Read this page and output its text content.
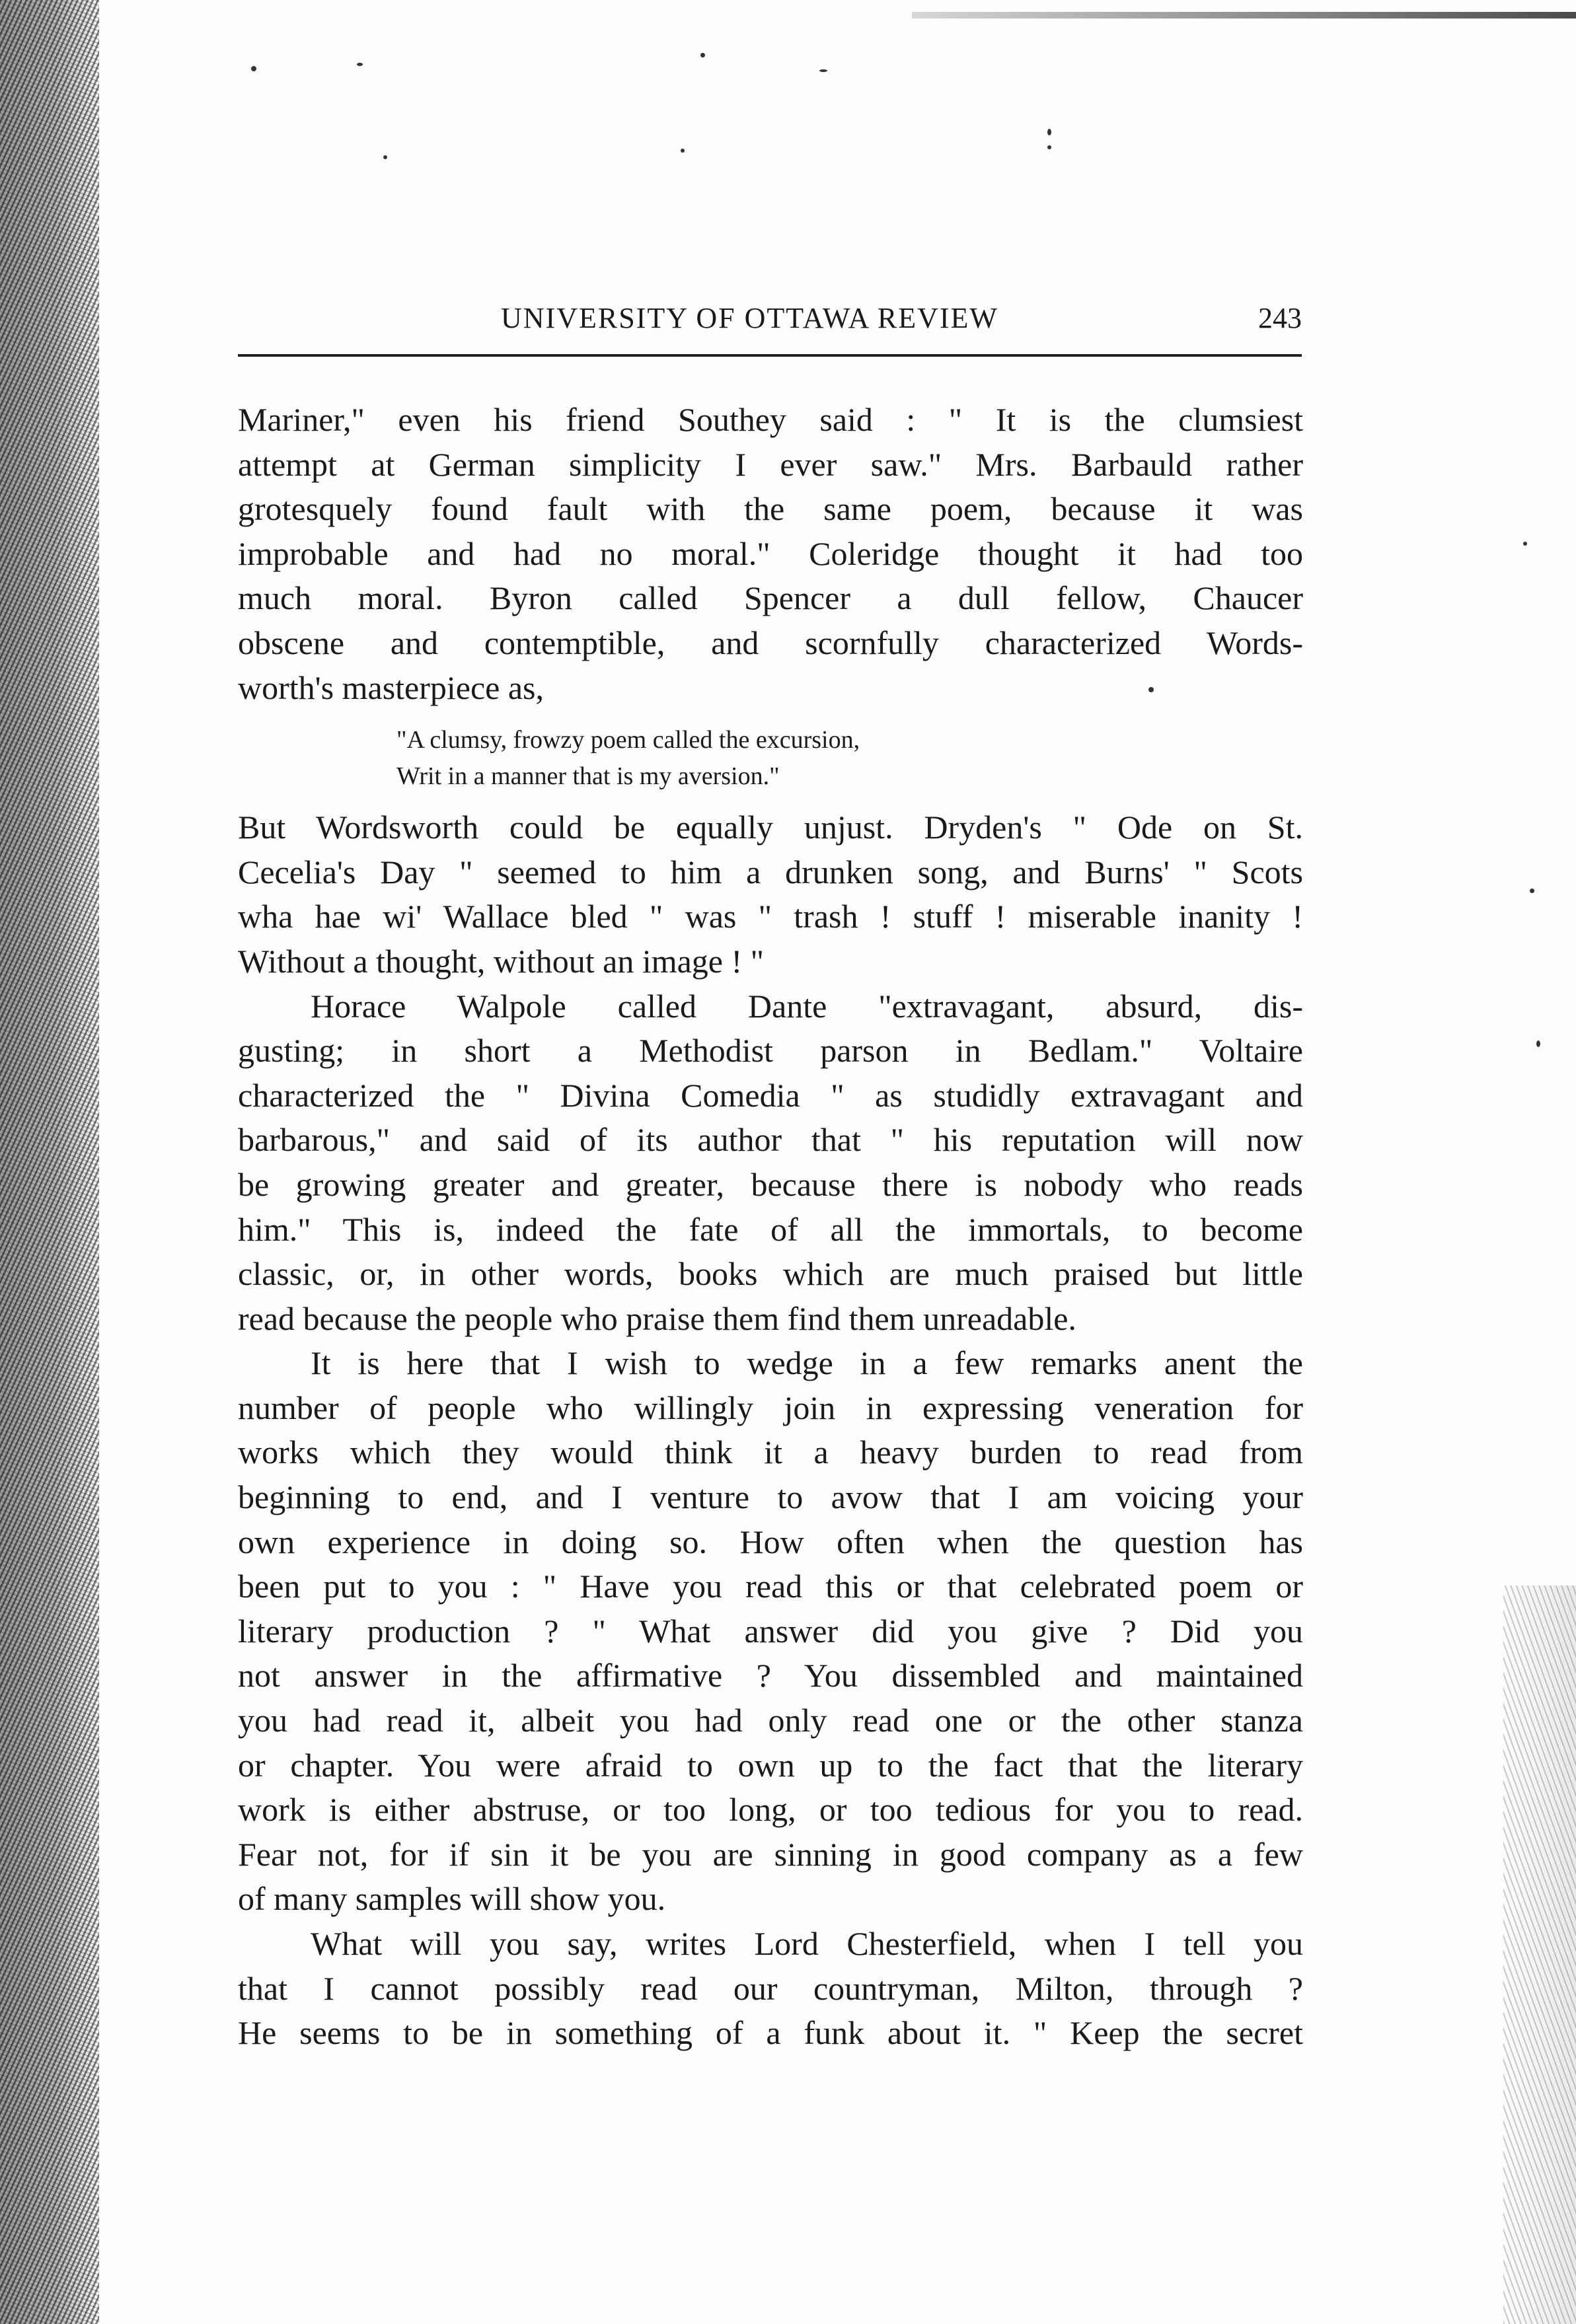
UNIVERSITY OF OTTAWA REVIEW	243
Mariner," even his friend Southey said : " It is the clumsiest
attempt at German simplicity I ever saw." Mrs. Barbauld rather
grotesquely found fault with the same poem, because it was
improbable and had no moral." Coleridge thought it had too
much moral. Byron called Spencer a dull fellow, Chaucer
obscene and contemptible, and scornfully characterized Words-
worth's masterpiece as,
"A clumsy, frowzy poem called the excursion,
Writ in a manner that is my aversion."
But Wordsworth could be equally unjust. Dryden's " Ode on St.
Cecelia's Day " seemed to him a drunken song, and Burns' " Scots
wha hae wi' Wallace bled " was " trash ! stuff ! miserable inanity !
Without a thought, without an image ! "
Horace Walpole called Dante "extravagant, absurd, dis-
gusting; in short a Methodist parson in Bedlam." Voltaire
characterized the " Divina Comedia " as studidly extravagant and
barbarous," and said of its author that " his reputation will now
be growing greater and greater, because there is nobody who reads
him." This is, indeed the fate of all the immortals, to become
classic, or, in other words, books which are much praised but little
read because the people who praise them find them unreadable.
It is here that I wish to wedge in a few remarks anent the
number of people who willingly join in expressing veneration for
works which they would think it a heavy burden to read from
beginning to end, and I venture to avow that I am voicing your
own experience in doing so. How often when the question has
been put to you : " Have you read this or that celebrated poem or
literary production ? " What answer did you give ? Did you
not answer in the affirmative ? You dissembled and maintained
you had read it, albeit you had only read one or the other stanza
or chapter. You were afraid to own up to the fact that the literary
work is either abstruse, or too long, or too tedious for you to read.
Fear not, for if sin it be you are sinning in good company as a few
of many samples will show you.
What will you say, writes Lord Chesterfield, when I tell you
that I cannot possibly read our countryman, Milton, through ?
He seems to be in something of a funk about it. " Keep the secret
